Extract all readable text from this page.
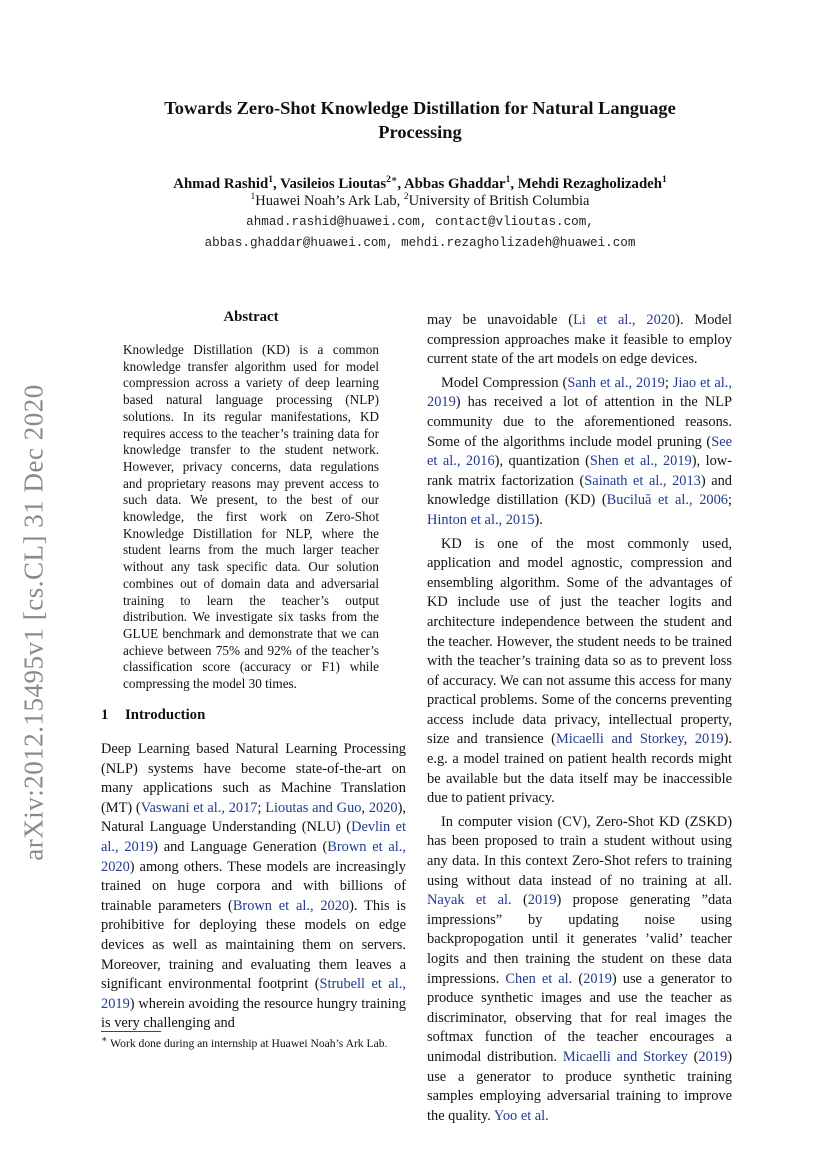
arXiv:2012.15495v1 [cs.CL] 31 Dec 2020
Towards Zero-Shot Knowledge Distillation for Natural Language
Processing
Ahmad Rashid$^1$, Vasileios Lioutas$^{2∗}$, Abbas Ghaddar$^1$, Mehdi Rezagholizadeh$^1$
$^1$Huawei Noah’s Ark Lab, $^2$University of British Columbia
ahmad.rashid@huawei.com, contact@vlioutas.com,
abbas.ghaddar@huawei.com, mehdi.rezagholizadeh@huawei.com
Abstract
Knowledge Distillation (KD) is a common knowledge transfer algorithm used for model compression across a variety of deep learning based natural language processing (NLP) solutions. In its regular manifestations, KD requires access to the teacher’s training data for knowledge transfer to the student network. However, privacy concerns, data regulations and proprietary reasons may prevent access to such data. We present, to the best of our knowledge, the first work on Zero-Shot Knowledge Distillation for NLP, where the student learns from the much larger teacher without any task specific data. Our solution combines out of domain data and adversarial training to learn the teacher’s output distribution. We investigate six tasks from the GLUE benchmark and demonstrate that we can achieve between 75% and 92% of the teacher’s classification score (accuracy or F1) while compressing the model 30 times.
1 Introduction

Deep Learning based Natural Learning Processing (NLP) systems have become state-of-the-art on many applications such as Machine Translation (MT) (Vaswani et al., 2017; Lioutas and Guo, 2020), Natural Language Understanding (NLU) (Devlin et al., 2019) and Language Generation (Brown et al., 2020) among others. These models are increasingly trained on huge corpora and with billions of trainable parameters (Brown et al., 2020). This is prohibitive for deploying these models on edge devices as well as maintaining them on servers. Moreover, training and evaluating them leaves a significant environmental footprint (Strubell et al., 2019) wherein avoiding the resource hungry training is very challenging and

may be unavoidable (Li et al., 2020). Model compression approaches make it feasible to employ current state of the art models on edge devices.

Model Compression (Sanh et al., 2019; Jiao et al., 2019) has received a lot of attention in the NLP community due to the aforementioned reasons. Some of the algorithms include model pruning (See et al., 2016), quantization (Shen et al., 2019), low-rank matrix factorization (Sainath et al., 2013) and knowledge distillation (KD) (Buciluă et al., 2006; Hinton et al., 2015).

KD is one of the most commonly used, application and model agnostic, compression and ensembling algorithm. Some of the advantages of KD include use of just the teacher logits and architecture independence between the student and the teacher. However, the student needs to be trained with the teacher’s training data so as to prevent loss of accuracy. We can not assume this access for many practical problems. Some of the concerns preventing access include data privacy, intellectual property, size and transience (Micaelli and Storkey, 2019). e.g. a model trained on patient health records might be available but the data itself may be inaccessible due to patient privacy.

In computer vision (CV), Zero-Shot KD (ZSKD) has been proposed to train a student without using any data. In this context Zero-Shot refers to training using without data instead of no training at all. Nayak et al. (2019) propose generating ”data impressions” by updating noise using backpropogation until it generates ’valid’ teacher logits and then training the student on these data impressions. Chen et al. (2019) use a generator to produce synthetic images and use the teacher as discriminator, observing that for real images the softmax function of the teacher encourages a unimodal distribution. Micaelli and Storkey (2019) use a generator to produce synthetic training samples employing adversarial training to improve the quality. Yoo et al.

∗ Work done during an internship at Huawei Noah’s Ark Lab.
